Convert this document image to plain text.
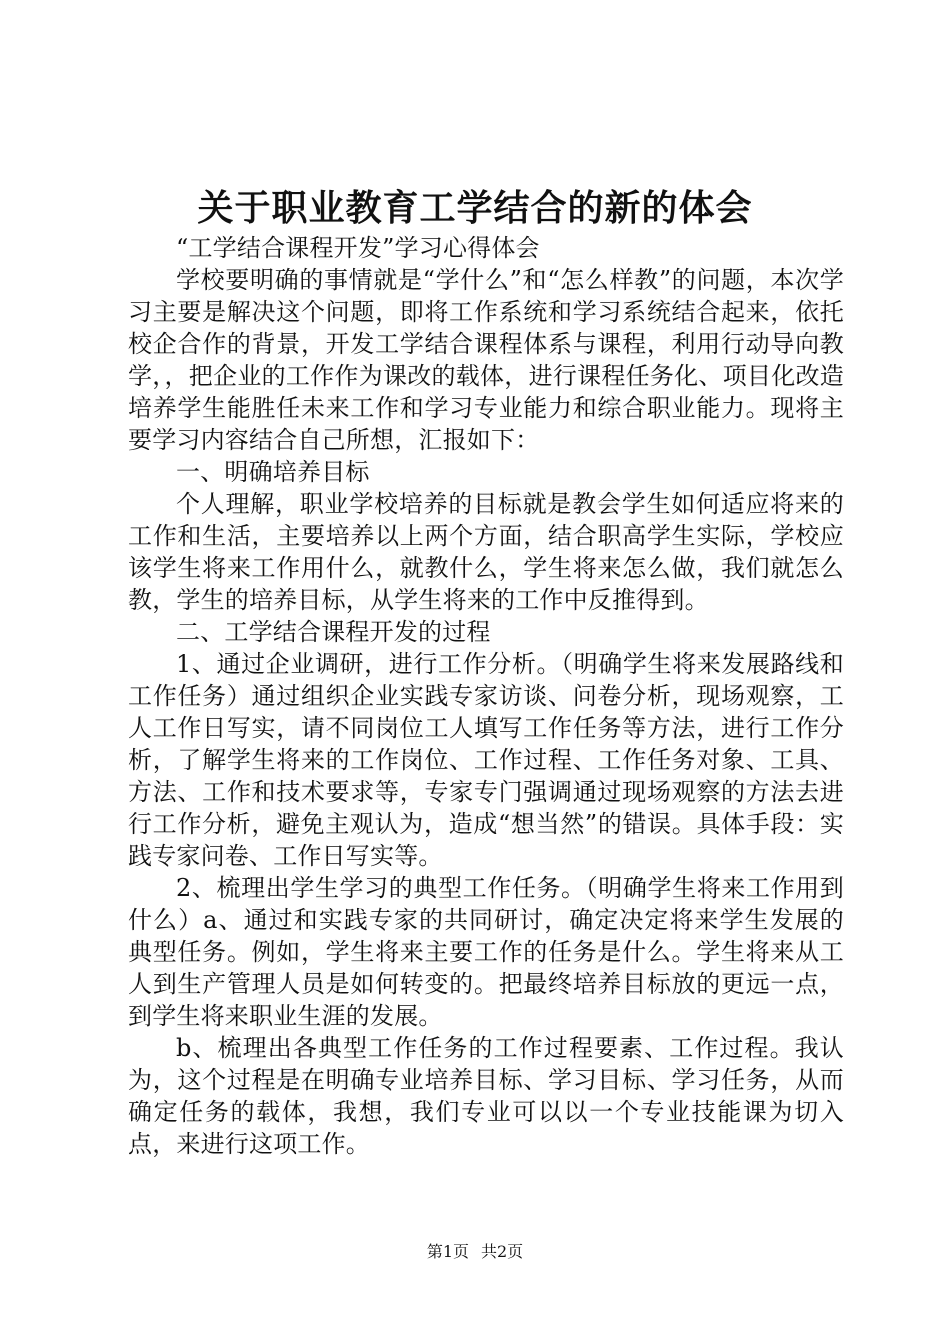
关于职业教育工学结合的新的体会

“工学结合课程开发”学习心得体会

学校要明确的事情就是“学什么”和“怎么样教”的问题，本次学习主要是解决这个问题，即将工作系统和学习系统结合起来，依托校企合作的背景，开发工学结合课程体系与课程，利用行动导向教学，，把企业的工作作为课改的载体，进行课程任务化、项目化改造培养学生能胜任未来工作和学习专业能力和综合职业能力。现将主要学习内容结合自己所想，汇报如下：

一、明确培养目标

个人理解，职业学校培养的目标就是教会学生如何适应将来的工作和生活，主要培养以上两个方面，结合职高学生实际，学校应该学生将来工作用什么，就教什么，学生将来怎么做，我们就怎么教，学生的培养目标，从学生将来的工作中反推得到。

二、工学结合课程开发的过程

1、通过企业调研，进行工作分析。（明确学生将来发展路线和工作任务）通过组织企业实践专家访谈、问卷分析，现场观察，工人工作日写实，请不同岗位工人填写工作任务等方法，进行工作分析，了解学生将来的工作岗位、工作过程、工作任务对象、工具、方法、工作和技术要求等，专家专门强调通过现场观察的方法去进行工作分析，避免主观认为，造成“想当然”的错误。具体手段：实践专家问卷、工作日写实等。

2、梳理出学生学习的典型工作任务。（明确学生将来工作用到什么）a、通过和实践专家的共同研讨，确定决定将来学生发展的典型任务。例如，学生将来主要工作的任务是什么。学生将来从工人到生产管理人员是如何转变的。把最终培养目标放的更远一点，到学生将来职业生涯的发展。

b、梳理出各典型工作任务的工作过程要素、工作过程。我认为，这个过程是在明确专业培养目标、学习目标、学习任务，从而确定任务的载体，我想，我们专业可以以一个专业技能课为切入点，来进行这项工作。

第1页 共2页
